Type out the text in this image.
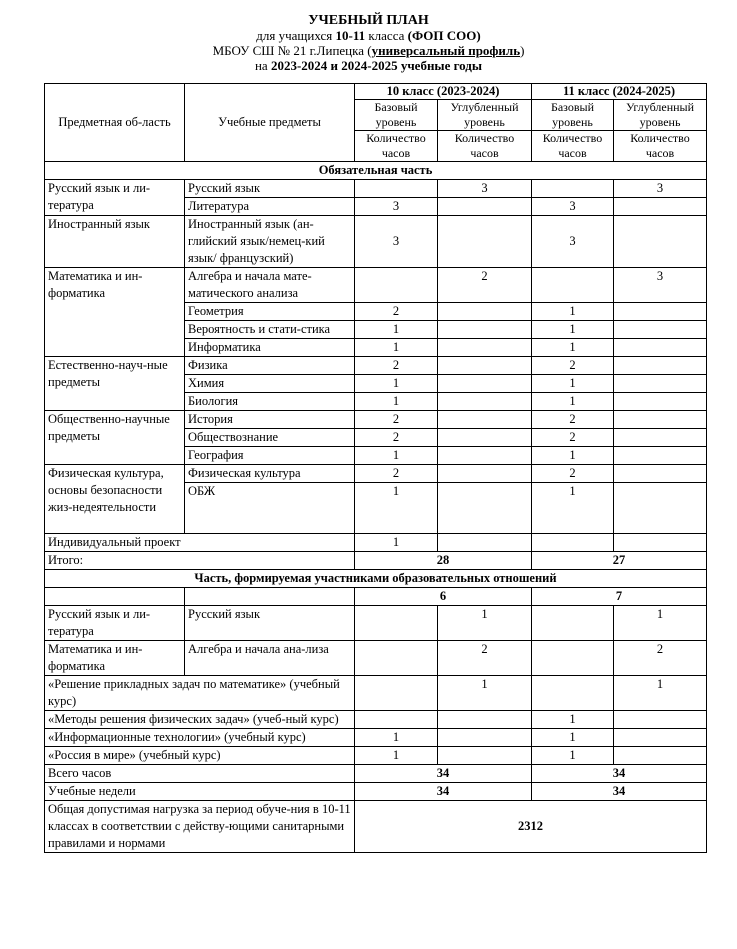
УЧЕБНЫЙ ПЛАН
для учащихся 10-11 класса (ФОП СОО)
МБОУ СШ № 21 г.Липецка (универсальный профиль)
на 2023-2024 и 2024-2025 учебные годы
Предметная об-ласть	Учебные предметы	10 класс (2023-2024)		11 класс (2024-2025)	
		Базовый уровень	Углубленный уровень	Базовый уровень	Углубленный уровень
		Количество часов	Количество часов	Количество часов	Количество часов
Обязательная часть					
Русский язык и ли-тература	Русский язык		3		3
	Литература	3		3	
Иностранный язык	Иностранный язык (ан-глийский язык/немец-кий язык/ французский)	3		3	
Математика и ин-форматика	Алгебра и начала мате-матического анализа		2		3
	Геометрия	2		1	
	Вероятность и стати-стика	1		1	
	Информатика	1		1	
Естественно-науч-ные предметы	Физика	2		2	
	Химия	1		1	
	Биология	1		1	
Общественно-научные предметы	История	2		2	
	Обществознание	2		2	
	География	1		1	
Физическая культура, основы безопасности жиз-недеятельности	Физическая культура	2		2	
	ОБЖ	1		1	
Индивидуальный проект		1			
Итого:		28		27	
Часть, формируемая участниками образовательных отношений					
		6		7	
Русский язык и ли-тература	Русский язык		1		1
Математика и ин-форматика	Алгебра и начала ана-лиза		2		2
«Решение прикладных задач по математике» (учебный курс)			1		1
«Методы решения физических задач» (учеб-ный курс)				1	
«Информационные технологии» (учебный курс)		1		1	
«Россия в мире» (учебный курс)		1		1	
Всего часов		34		34	
Учебные недели		34		34	
Общая допустимая нагрузка за период обуче-ния в 10-11 классах в соответствии с действу-ющими санитарными правилами и нормами		2312			
